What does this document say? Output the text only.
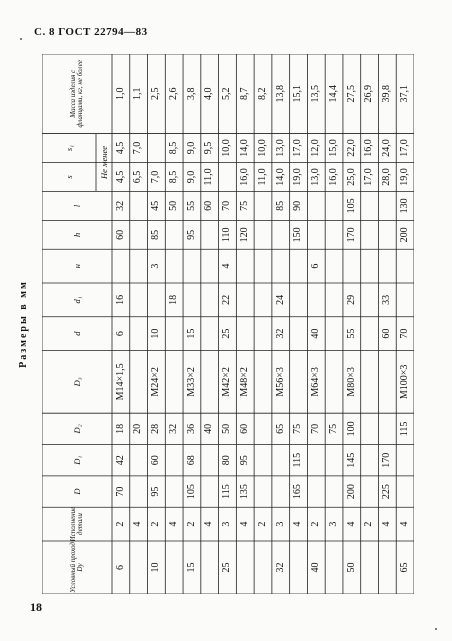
С. 8 ГОСТ 22794—83
Размеры в мм
Условный проход Dу
Исполнение детали
D
D₁
D₂
D₃
d
d₁
н
h
l
s
s₁
Масса изделия с фланцами, кг, не более
Не менее
6
2
70
42
18
M14×1,5
6
16
60
32
4,5
4,5
1,0
4
20
6,5
7,0
1,1
10
2
95
60
28
M24×2
10
3
85
45
7,0
2,5
4
32
18
50
8,5
8,5
2,6
15
2
105
68
36
M33×2
15
95
55
9,0
9,0
3,8
4
40
60
11,0
9,5
4,0
25
3
115
80
50
M42×2
25
22
4
110
70
10,0
5,2
4
135
95
60
M48×2
120
75
16,0
14,0
8,7
2
11,0
10,0
8,2
32
3
65
M56×3
32
24
85
14,0
13,0
13,8
4
165
115
75
150
90
19,0
17,0
15,1
40
2
70
M64×3
40
6
13,0
12,0
13,5
3
75
16,0
15,0
14,4
50
4
200
145
100
M80×3
55
29
170
105
25,0
22,0
27,5
2
17,0
16,0
26,9
4
225
170
60
33
28,0
24,0
39,8
65
4
115
M100×3
70
200
130
19,0
17,0
37,1
18
